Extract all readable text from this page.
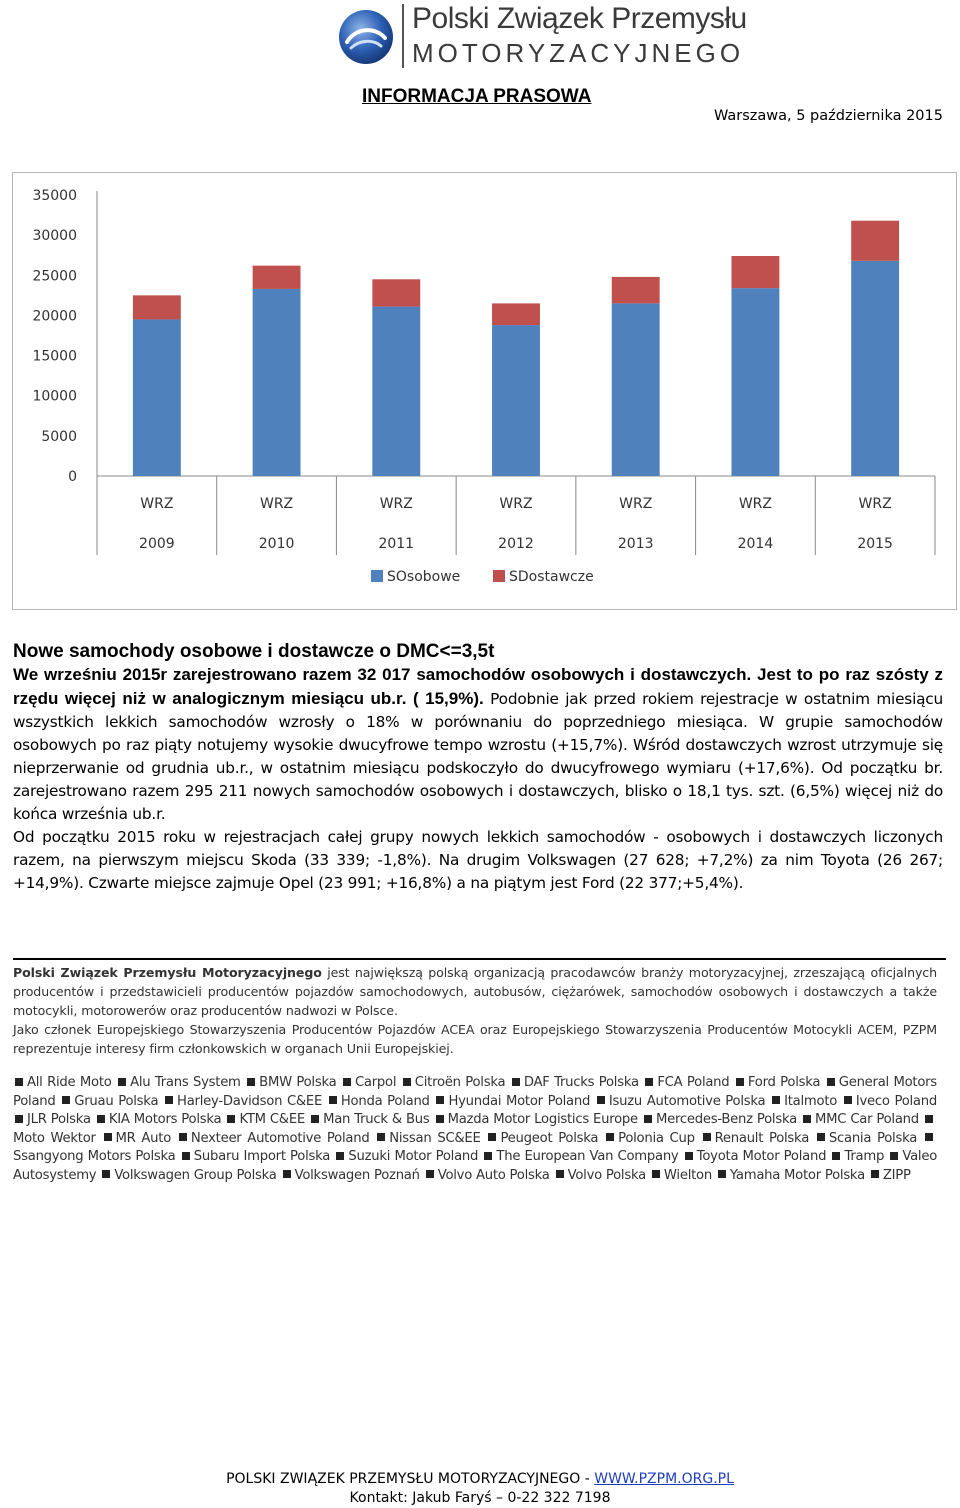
Polski Związek Przemysłu
MOTORYZACYJNEGO
INFORMACJA PRASOWA
Warszawa, 5 października 2015
35000
30000
25000
20000
15000
10000
5000
0
WRZ
2009
WRZ
2010
WRZ
2011
WRZ
2012
WRZ
2013
WRZ
2014
WRZ
2015
SOsobowe	SDostawcze

Nowe samochody osobowe i dostawcze o DMC<=3,5t

We wrześniu 2015r zarejestrowano razem 32 017 samochodów osobowych i dostawczych. Jest to po raz szósty z rzędu więcej niż w analogicznym miesiącu ub.r. ( 15,9%). Podobnie jak przed rokiem rejestracje w ostatnim miesiącu wszystkich lekkich samochodów wzrosły o 18% w porównaniu do poprzedniego miesiąca. W grupie samochodów osobowych po raz piąty notujemy wysokie dwucyfrowe tempo wzrostu (+15,7%). Wśród dostawczych wzrost utrzymuje się nieprzerwanie od grudnia ub.r., w ostatnim miesiącu podskoczyło do dwucyfrowego wymiaru (+17,6%). Od początku br. zarejestrowano razem 295 211 nowych samochodów osobowych i dostawczych, blisko o 18,1 tys. szt. (6,5%) więcej niż do końca września ub.r.

Od początku 2015 roku w rejestracjach całej grupy nowych lekkich samochodów - osobowych i dostawczych liczonych razem, na pierwszym miejscu Skoda (33 339; -1,8%). Na drugim Volkswagen (27 628; +7,2%) za nim Toyota (26 267; +14,9%). Czwarte miejsce zajmuje Opel (23 991; +16,8%) a na piątym jest Ford (22 377;+5,4%).

Polski Związek Przemysłu Motoryzacyjnego jest największą polską organizacją pracodawców branży motoryzacyjnej, zrzeszającą oficjalnych producentów i przedstawicieli producentów pojazdów samochodowych, autobusów, ciężarówek, samochodów osobowych i dostawczych a także motocykli, motorowerów oraz producentów nadwozi w Polsce.

Jako członek Europejskiego Stowarzyszenia Producentów Pojazdów ACEA oraz Europejskiego Stowarzyszenia Producentów Motocykli ACEM, PZPM reprezentuje interesy firm członkowskich w organach Unii Europejskiej.

All Ride Moto Alu Trans System BMW Polska Carpol Citroën Polska DAF Trucks Polska FCA Poland Ford Polska General Motors Poland Gruau Polska Harley-Davidson C&EE Honda Poland Hyundai Motor Poland Isuzu Automotive Polska Italmoto Iveco Poland JLR Polska KIA Motors Polska KTM C&EE Man Truck & Bus Mazda Motor Logistics Europe Mercedes-Benz Polska MMC Car Poland Moto Wektor MR Auto Nexteer Automotive Poland Nissan SC&EE Peugeot Polska Polonia Cup Renault Polska Scania Polska Ssangyong Motors Polska Subaru Import Polska Suzuki Motor Poland The European Van Company Toyota Motor Poland Tramp Valeo Autosystemy Volkswagen Group Polska Volkswagen Poznań Volvo Auto Polska Volvo Polska Wielton Yamaha Motor Polska ZIPP
POLSKI ZWIĄZEK PRZEMYSŁU MOTORYZACYJNEGO - WWW.PZPM.ORG.PL
Kontakt: Jakub Faryś – 0-22 322 7198
